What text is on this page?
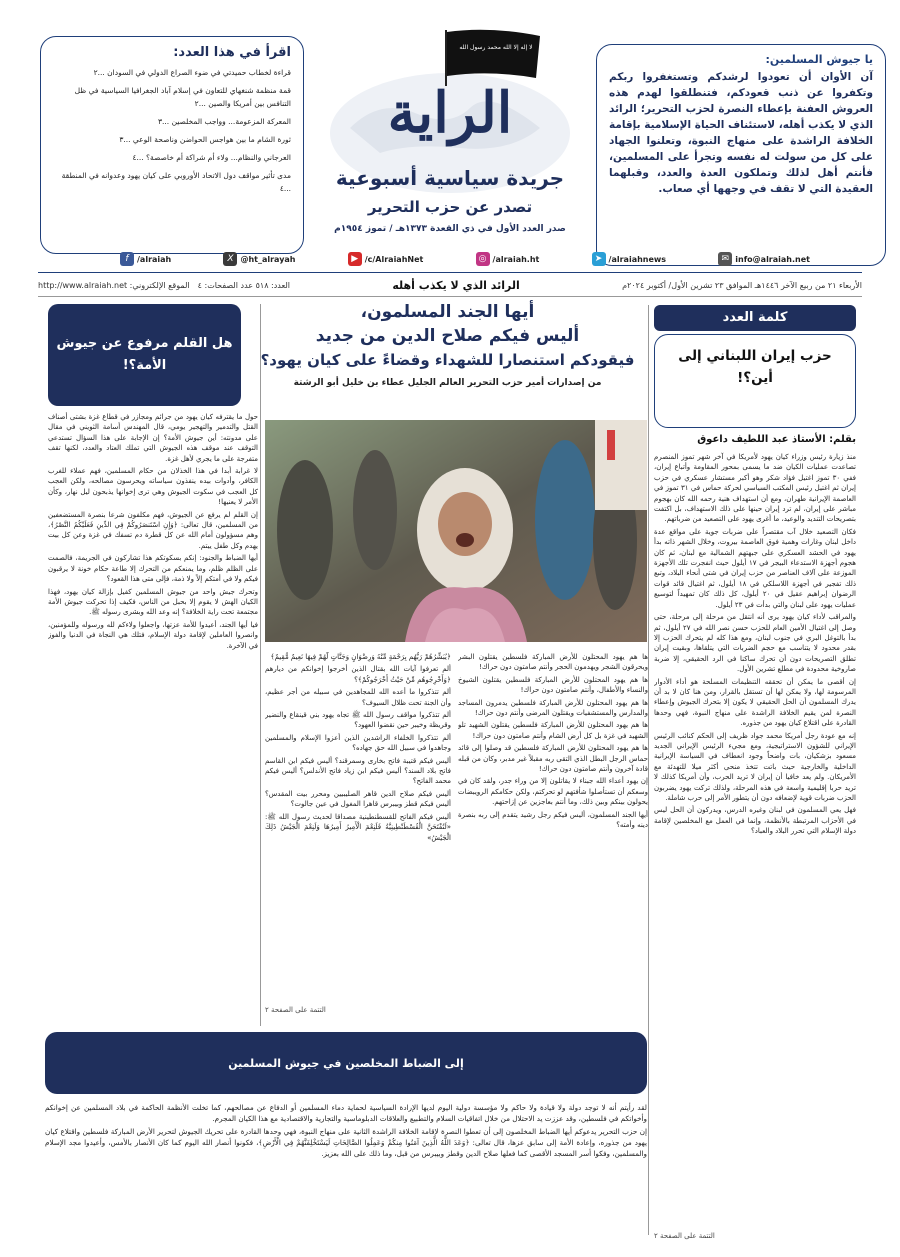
يا جيوش المسلمين:
آن الأوان أن تعودوا لرشدكم وتستغفروا ربكم وتكفروا عن ذنب قعودكم، فتنطلقوا لهدم هذه العروش العفنة بإعطاء النصرة لحزب التحرير؛ الرائد الذي لا يكذب أهله، لاستئناف الحياة الإسلامية بإقامة الخلافة الراشدة على منهاج النبوة، وتعلنوا الجهاد على كل من سولت له نفسه وتجرأ على المسلمين، فأنتم أهل لذلك وتملكون العدة والعدد، وقبلهما العقيدة التي لا تقف في وجهها أي صعاب.
لا إله إلا الله محمد رسول الله
الراية
جريدة سياسية أسبوعية
تصدر عن حزب التحرير
صدر العدد الأول في ذي القعدة ١٣٧٣هـ / تموز ١٩٥٤م
اقرأ في هذا العدد:
قراءة لخطاب حميدتي في ضوء الصراع الدولي في السودان ...٢
قمة منظمة شنغهاي للتعاون في إسلام آباد الجغرافيا السياسية في ظل التنافس بين أمريكا والصين ...٢
المعركة المزعومة... وواجب المخلصين ...٣
ثورة الشام ما بين هواجس الحواضن وناصحة الوعي ...٣
العرجاني والنظام... ولاء أم شراكة أم خاصصة؟ ...٤
مدى تأثير مواقف دول الاتحاد الأوروبي على كيان يهود وعدوانه في المنطقة ...٤
f	/alraiah	X @ht_alrayah	▶ /c/AlraiahNet	◎ /alraiah.ht	➤ /alraiahnews	✉ info@alraiah.net
الأربعاء ٢١ من ربيع الآخر ١٤٤٦هـ الموافق ٢٣ تشرين الأول/ أكتوبر ٢٠٢٤م
الرائد الذي لا يكذب أهله
العدد: ٥١٨ عدد الصفحات: ٤
الموقع الإلكتروني: http://www.alraiah.net
كلمة العدد
حزب إيران اللبناني إلى أين؟!
بقلم: الأستاذ عبد اللطيف داعوق

منذ زيارة رئيس وزراء كيان يهود لأمريكا في آخر شهر تموز المنصرم تصاعدت عمليات الكيان ضد ما يسمى بمحور المقاومة وأتباع إيران، ففي ٣٠ تموز اغتيل فؤاد شكر وهو أكبر مستشار عسكري في حزب إيران ثم اغتيل رئيس المكتب السياسي لحركة حماس في ٣١ تموز في العاصمة الإيرانية طهران، ومع أن استهداف هنية رحمه الله كان بهجوم مباشر على إيران، لم ترد إيران حينها على ذلك الاستهداف، بل اكتفت بتصريحات التنديد والوعيد، ما أغرى يهود على التصعيد من ضرباتهم.

فكان التصعيد خلال آب مقتصراً على ضربات جوية على مواقع عدة داخل لبنان وغارات وهمية فوق العاصمة بيروت، وخلال الشهر ذاته بدأ يهود في الحشد العسكري على جبهتهم الشمالية مع لبنان، ثم كان هجوم أجهزة الاستدعاء البيجر في ١٧ أيلول حيث انفجرت تلك الأجهزة الموزعة على آلاف العناصر من حزب إيران في شتى أنحاء البلاد، وتبع ذلك تفجير في أجهزة اللاسلكي في ١٨ أيلول، ثم اغتيال قائد قوات الرضوان إبراهيم عقيل في ٢٠ أيلول، كل ذلك كان تمهيداً لتوسيع عمليات يهود على لبنان والتي بدأت في ٢٣ أيلول.

والمراقب لأداء كيان يهود يرى أنه انتقل من مرحلة إلى مرحلة، حتى وصل إلى اغتيال الأمين العام للحزب حسن نصر الله في ٢٧ أيلول، ثم بدأ بالتوغل البري في جنوب لبنان، ومع هذا كله لم يتحرك الحزب إلا بقدر محدود لا يتناسب مع حجم الضربات التي يتلقاها، وبقيت إيران تطلق التصريحات دون أن تحرك ساكنا في الرد الحقيقي، إلا ضربة صاروخية محدودة في مطلع تشرين الأول.

إن أقصى ما يمكن أن تحققه التنظيمات المسلحة هو أداء الأدوار المرسومة لها، ولا يمكن لها أن تستقل بالقرار، ومن هنا كان لا بد أن يدرك المسلمون أن الحل الحقيقي لا يكون إلا بتحرك الجيوش وإعطاء النصرة لمن يقيم الخلافة الراشدة على منهاج النبوة، فهي وحدها القادرة على اقتلاع كيان يهود من جذوره.

إنه مع عودة رجل أمريكا محمد جواد ظريف إلى الحكم كنائب الرئيس الإيراني للشؤون الاستراتيجية، ومع مجيء الرئيس الإيراني الجديد مسعود بزشكيان، بات واضحاً وجود انعطاف في السياسة الإيرانية الداخلية والخارجية حيث باتت تتخذ منحى أكثر ميلا للتهدئة مع الأمريكان. ولم يعد خافيا أن إيران لا تريد الحرب، وأن أمريكا كذلك لا تريد حربا إقليمية واسعة في هذه المرحلة، ولذلك تركت يهود يضربون الحزب ضربات قوية لإضعافه دون أن يتطور الأمر إلى حرب شاملة.

فهل يعي المسلمون في لبنان وغيره الدرس، ويدركون أن الحل ليس في الأحزاب المرتبطة بالأنظمة، وإنما في العمل مع المخلصين لإقامة دولة الإسلام التي تحرر البلاد والعباد؟

التتمة على الصفحة ٢
أيها الجند المسلمون،
أليس فيكم صلاح الدين من جديد
فيقودكم استنصارا للشهداء وقضاءً على كيان يهود؟
من إصدارات أمير حزب التحرير العالم الجليل عطاء بن خليل أبو الرشتة

ها هم يهود المحتلون للأرض المباركة فلسطين يقتلون البشر ويحرقون الشجر ويهدمون الحجر وأنتم صامتون دون حراك!

ها هم يهود المحتلون للأرض المباركة فلسطين يقتلون الشيوخ والنساء والأطفال، وأنتم صامتون دون حراك!

ها هم يهود المحتلون للأرض المباركة فلسطين يدمرون المساجد والمدارس والمستشفيات ويقتلون المرضى وأنتم دون حراك!

ها هم يهود المحتلون للأرض المباركة فلسطين يقتلون الشهيد تلو الشهيد في غزة بل كل أرض الشام وأنتم صامتون دون حراك!

ها هم يهود المحتلون للأرض المباركة فلسطين قد وصلوا إلى قائد حماس الرجل البطل الذي التقى ربه مقبلاً غير مدبر، وكان من قبله قادة آخرون وأنتم صامتون دون حراك!

إن يهود أعداء الله جبناء لا يقاتلون إلا من وراء جدر، ولقد كان في وسعكم أن تستأصلوا شأفتهم لو تحركتم، ولكن حكامكم الرويبضات يحولون بينكم وبين ذلك، وما أنتم بعاجزين عن إزاحتهم.

أيها الجند المسلمون، أليس فيكم رجل رشيد يتقدم إلى ربه بنصرة دينه وأمته؟

﴿يُبَشِّرُهُمْ رَبُّهُم بِرَحْمَةٍ مِّنْهُ وَرِضْوَانٍ وَجَنَّاتٍ لَّهُمْ فِيهَا نَعِيمٌ مُّقِيمٌ﴾

ألم تعرفوا آيات الله بقتال الذين أخرجوا إخوانكم من ديارهم ﴿وَأَخْرِجُوهُم مِّنْ حَيْثُ أَخْرَجُوكُمْ﴾؟

ألم تتذكروا ما أعده الله للمجاهدين في سبيله من أجر عظيم، وأن الجنة تحت ظلال السيوف؟

ألم تتذكروا مواقف رسول الله ﷺ تجاه يهود بني قينقاع والنضير وقريظة وخيبر حين نقضوا العهود؟

ألم تتذكروا الخلفاء الراشدين الذين أعزوا الإسلام والمسلمين وجاهدوا في سبيل الله حق جهاده؟

أليس فيكم قتيبة فاتح بخارى وسمرقند؟ أليس فيكم ابن القاسم فاتح بلاد السند؟ أليس فيكم ابن زياد فاتح الأندلس؟ أليس فيكم محمد الفاتح؟

أليس فيكم صلاح الدين قاهر الصليبيين ومحرر بيت المقدس؟ أليس فيكم قطز وبيبرس قاهرا المغول في عين جالوت؟

أليس فيكم الفاتح للقسطنطينية مصداقا لحديث رسول الله ﷺ: «لَتُفْتَحَنَّ الْقُسْطَنْطِينِيَّةُ فَلَنِعْمَ الْأَمِيرُ أَمِيرُهَا وَلَنِعْمَ الْجَيْشُ ذَلِكَ الْجَيْشُ»

التتمة على الصفحة ٢
هل القلم مرفوع عن جيوش الأمة؟!

حول ما يقترفه كيان يهود من جرائم ومجازر في قطاع غزة بشتى أصناف القتل والتدمير والتهجير يومي، قال المهندس أسامة الثويني في مقال على مدونته: أين جيوش الأمة؟ إن الإجابة على هذا السؤال تستدعي التوقف عند موقف هذه الجيوش التي تملك العتاد والعدد، لكنها تقف متفرجة على ما يجري لأهل غزة.

لا غرابة أبدا في هذا الخذلان من حكام المسلمين، فهم عملاء للغرب الكافر، وأدوات بيده ينفذون سياساته ويحرسون مصالحه، ولكن العجب كل العجب في سكوت الجيوش وهي ترى إخوانها يذبحون ليل نهار، وكأن الأمر لا يعنيها!

إن القلم لم يرفع عن الجيوش، فهم مكلفون شرعا بنصرة المستضعفين من المسلمين، قال تعالى: ﴿وَإِنِ اسْتَنصَرُوكُمْ فِي الدِّينِ فَعَلَيْكُمُ النَّصْرُ﴾، وهم مسؤولون أمام الله عن كل قطرة دم تسفك في غزة وعن كل بيت يهدم وكل طفل ييتم.

أيها الضباط والجنود: إنكم بسكوتكم هذا تشاركون في الجريمة، فالصمت على الظلم ظلم، وما يمنعكم من التحرك إلا طاعة حكام خونة لا يرقبون فيكم ولا في أمتكم إلاً ولا ذمة، فإلى متى هذا القعود؟

وتحرك جيش واحد من جيوش المسلمين كفيل بإزالة كيان يهود، فهذا الكيان الهش لا يقوم إلا بحبل من الناس، فكيف إذا تحركت جيوش الأمة مجتمعة تحت راية الخلافة؟ إنه وعد الله وبشرى رسوله ﷺ.

فيا أيها الجند، أعيدوا للأمة عزتها، واجعلوا ولاءكم لله ورسوله وللمؤمنين، وانصروا العاملين لإقامة دولة الإسلام، فتلك هي النجاة في الدنيا والفوز في الآخرة.

إلى الضباط المخلصين في جيوش المسلمين

لقد رأيتم أنه لا توجد دولة ولا قيادة ولا حاكم ولا مؤسسة دولية اليوم لديها الإرادة السياسية لحماية دماء المسلمين أو الدفاع عن مصالحهم، كما تخلت الأنظمة الحاكمة في بلاد المسلمين عن إخوانكم وأخواتكم في فلسطين، وقد عززت يد الاحتلال من خلال اتفاقيات السلام والتطبيع والعلاقات الدبلوماسية والتجارية والاقتصادية مع هذا الكيان المجرم.

إن حزب التحرير يدعوكم أيها الضباط المخلصون إلى أن تعطوا النصرة لإقامة الخلافة الراشدة الثانية على منهاج النبوة، فهي وحدها القادرة على تحريك الجيوش لتحرير الأرض المباركة فلسطين واقتلاع كيان يهود من جذوره، وإعادة الأمة إلى سابق عزها، قال تعالى: ﴿وَعَدَ اللَّهُ الَّذِينَ آمَنُوا مِنكُمْ وَعَمِلُوا الصَّالِحَاتِ لَيَسْتَخْلِفَنَّهُمْ فِي الْأَرْضِ﴾، فكونوا أنصار الله اليوم كما كان الأنصار بالأمس، وأعيدوا مجد الإسلام والمسلمين، وفكوا أسر المسجد الأقصى كما فعلها صلاح الدين وقطز وبيبرس من قبل، وما ذلك على الله بعزيز.
